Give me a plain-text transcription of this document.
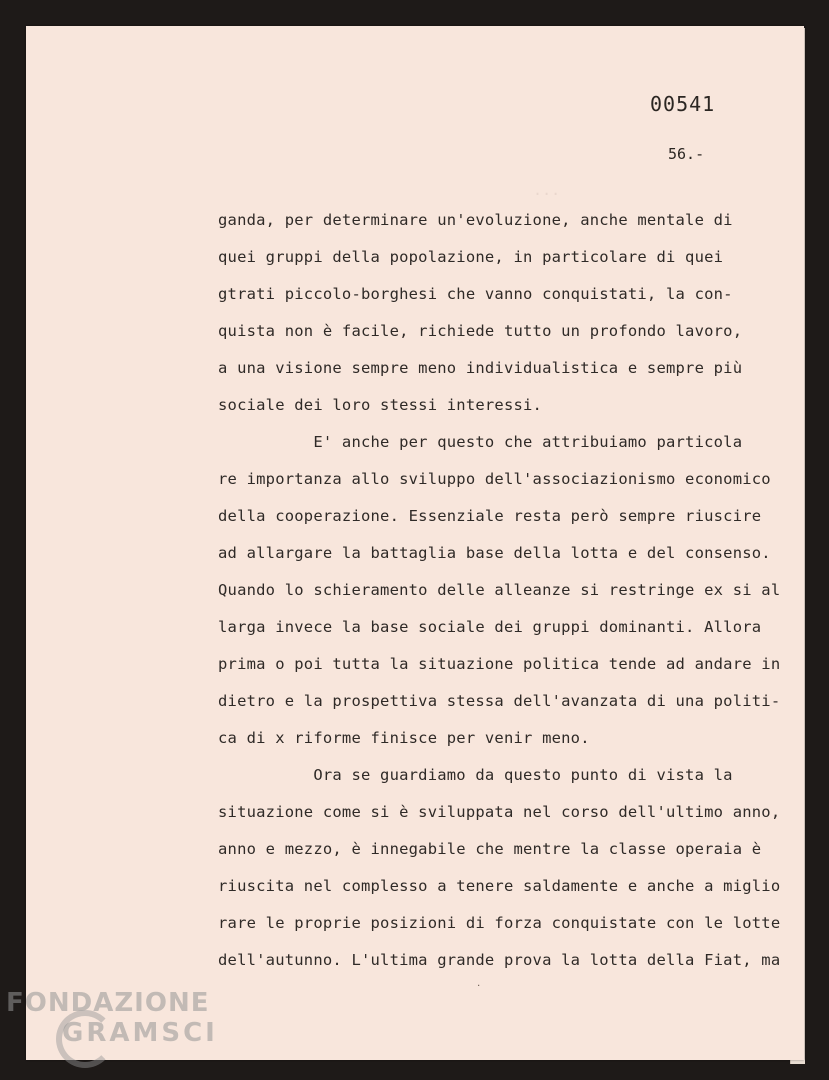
...
00541
56.-
ganda, per determinare un'evoluzione, anche mentale di
quei gruppi della popolazione, in particolare di quei
gtrati piccolo-borghesi che vanno conquistati, la con-
quista non è facile, richiede tutto un profondo lavoro,
a una visione sempre meno individualistica e sempre più
sociale dei loro stessi interessi.
E' anche per questo che attribuiamo particola
re importanza allo sviluppo dell'associazionismo economico
della cooperazione. Essenziale resta però sempre riuscire
ad allargare la battaglia base della lotta e del consenso.
Quando lo schieramento delle alleanze si restringe ex si al
larga invece la base sociale dei gruppi dominanti. Allora
prima o poi tutta la situazione politica tende ad andare in
dietro e la prospettiva stessa dell'avanzata di una politi-
ca di x riforme finisce per venir meno.
Ora se guardiamo da questo punto di vista la
situazione come si è sviluppata nel corso dell'ultimo anno,
anno e mezzo, è innegabile che mentre la classe operaia è
riuscita nel complesso a tenere saldamente e anche a miglio
rare le proprie posizioni di forza conquistate con le lotte
dell'autunno. L'ultima grande prova la lotta della Fiat, ma
˙
FONDAZIONE
GRAMSCI
